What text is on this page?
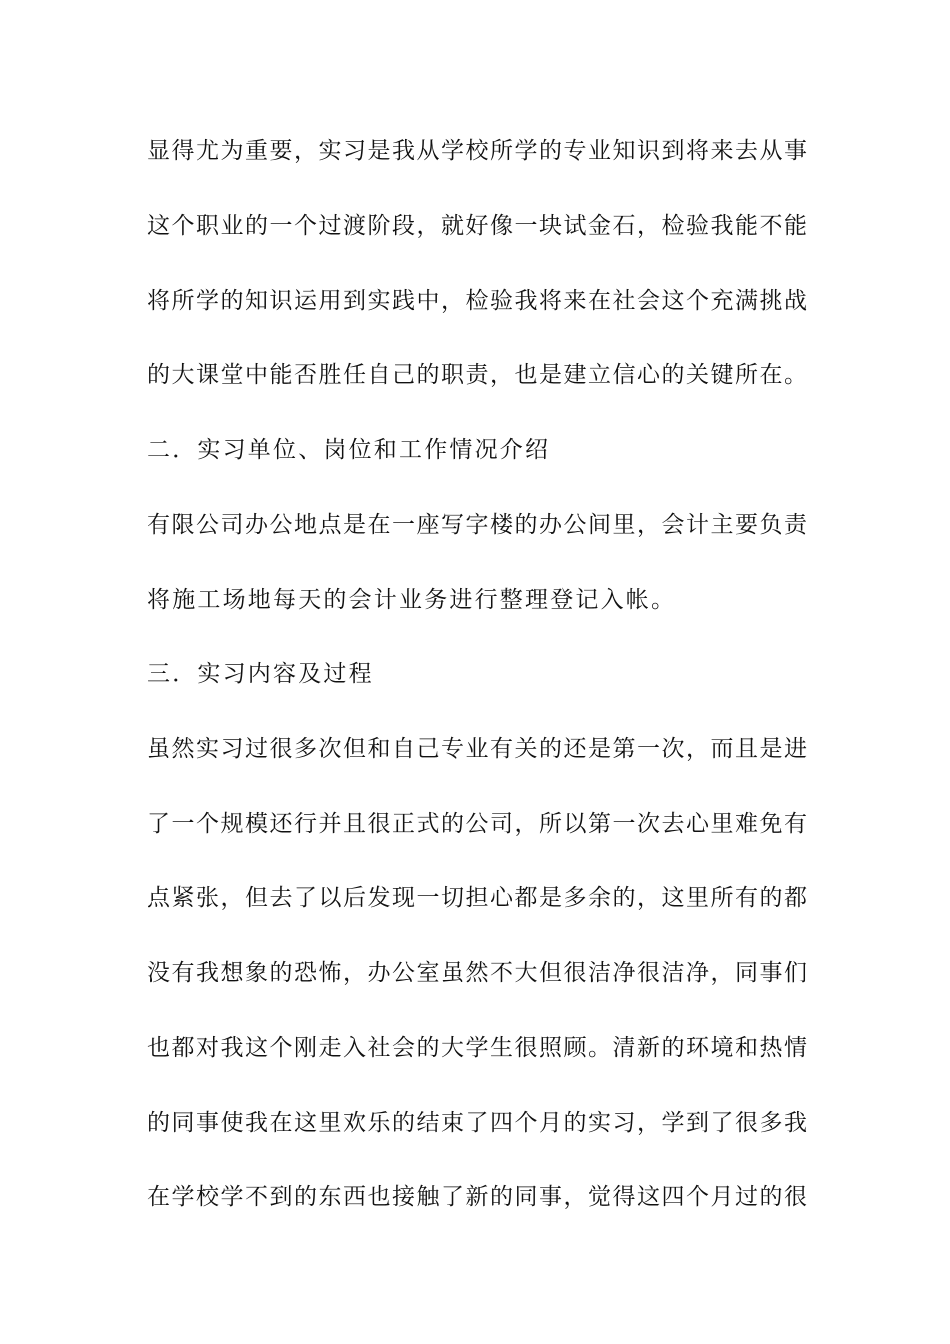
显得尤为重要，实习是我从学校所学的专业知识到将来去从事
这个职业的一个过渡阶段，就好像一块试金石，检验我能不能
将所学的知识运用到实践中，检验我将来在社会这个充满挑战
的大课堂中能否胜任自己的职责，也是建立信心的关键所在。
二．实习单位、岗位和工作情况介绍
有限公司办公地点是在一座写字楼的办公间里，会计主要负责
将施工场地每天的会计业务进行整理登记入帐。
三．实习内容及过程
虽然实习过很多次但和自己专业有关的还是第一次，而且是进
了一个规模还行并且很正式的公司，所以第一次去心里难免有
点紧张，但去了以后发现一切担心都是多余的，这里所有的都
没有我想象的恐怖，办公室虽然不大但很洁净很洁净，同事们
也都对我这个刚走入社会的大学生很照顾。清新的环境和热情
的同事使我在这里欢乐的结束了四个月的实习，学到了很多我
在学校学不到的东西也接触了新的同事，觉得这四个月过的很
